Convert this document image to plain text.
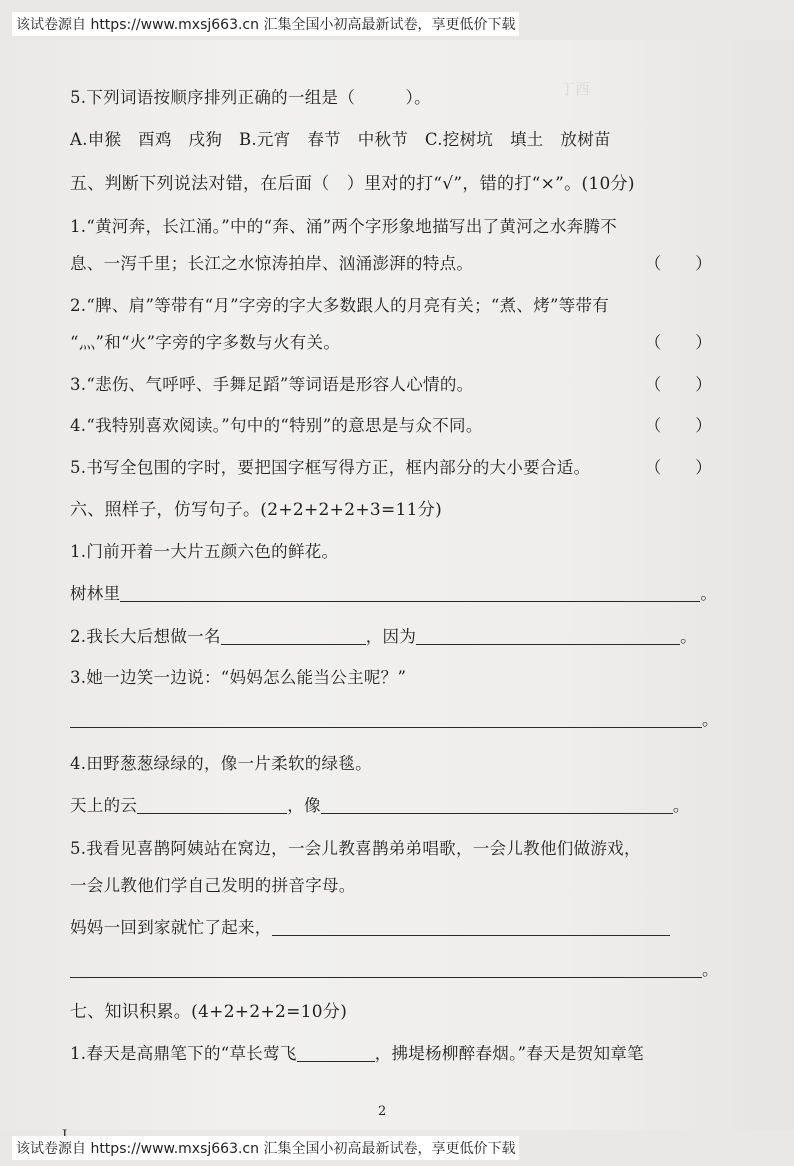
该试卷源自 https://www.mxsj663.cn 汇集全国小初高最新试卷，享更低价下载
丁酉　　　　　　

5.下列词语按顺序排列正确的一组是（　　　）。
A.申猴　酉鸡　戌狗　B.元宵　春节　中秋节　C.挖树坑　填土　放树苗
五、判断下列说法对错，在后面（　）里对的打“√”，错的打“×”。(10分)
1.“黄河奔，长江涌。”中的“奔、涌”两个字形象地描写出了黄河之水奔腾不
息、一泻千里；长江之水惊涛拍岸、汹涌澎湃的特点。	（　　）
2.“脾、肩”等带有“月”字旁的字大多数跟人的月亮有关；“煮、烤”等带有
“灬”和“火”字旁的字多数与火有关。	（　　）
3.“悲伤、气呼呼、手舞足蹈”等词语是形容人心情的。	（　　）
4.“我特别喜欢阅读。”句中的“特别”的意思是与众不同。	（　　）
5.书写全包围的字时，要把国字框写得方正，框内部分的大小要合适。	（　　）
六、照样子，仿写句子。(2+2+2+2+3=11分)
1.门前开着一大片五颜六色的鲜花。
树林里	。
2.我长大后想做一名	，因为	。
3.她一边笑一边说：“妈妈怎么能当公主呢？”
。
4.田野葱葱绿绿的，像一片柔软的绿毯。
天上的云	，像	。
5.我看见喜鹊阿姨站在窝边，一会儿教喜鹊弟弟唱歌，一会儿教他们做游戏，
一会儿教他们学自己发明的拼音字母。
妈妈一回到家就忙了起来，
。
七、知识积累。(4+2+2+2=10分)
1.春天是高鼎笔下的“草长莺飞	，拂堤杨柳醉春烟。”春天是贺知章笔
2
该试卷源自 https://www.mxsj663.cn 汇集全国小初高最新试卷，享更低价下载
